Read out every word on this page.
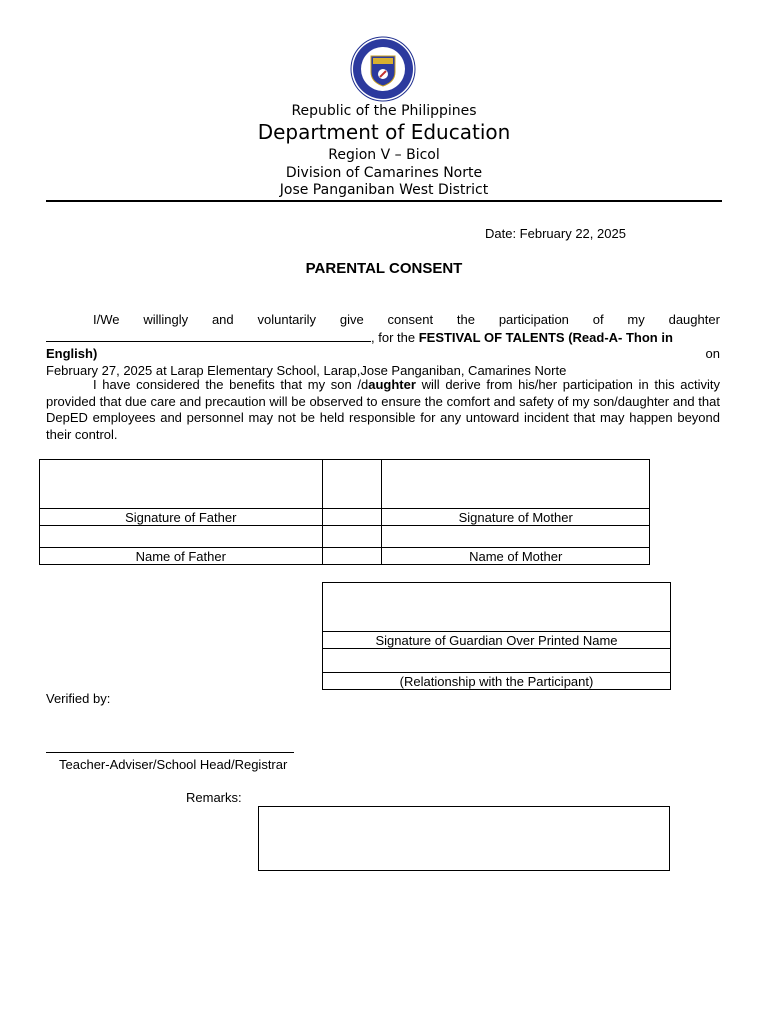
Republic of the Philippines
Department of Education
Region V – Bicol
Division of Camarines Norte
Jose Panganiban West District
Date: February 22, 2025
PARENTAL CONSENT
I/We willingly and voluntarily give consent the participation of my daughter
, for the FESTIVAL OF TALENTS (Read-A- Thon in English)	on
February 27, 2025 at Larap Elementary School, Larap,Jose Panganiban, Camarines Norte
I have considered the benefits that my son /daughter will derive from his/her participation in this activity provided that due care and precaution will be observed to ensure the comfort and safety of my son/daughter and that DepED employees and personnel may not be held responsible for any untoward incident that may happen beyond their control.

Signature of Father		Signature of Mother

Name of Father		Name of Mother

Signature of Guardian Over Printed Name

(Relationship with the Participant)
Verified by:
Teacher-Adviser/School Head/Registrar
Remarks:
